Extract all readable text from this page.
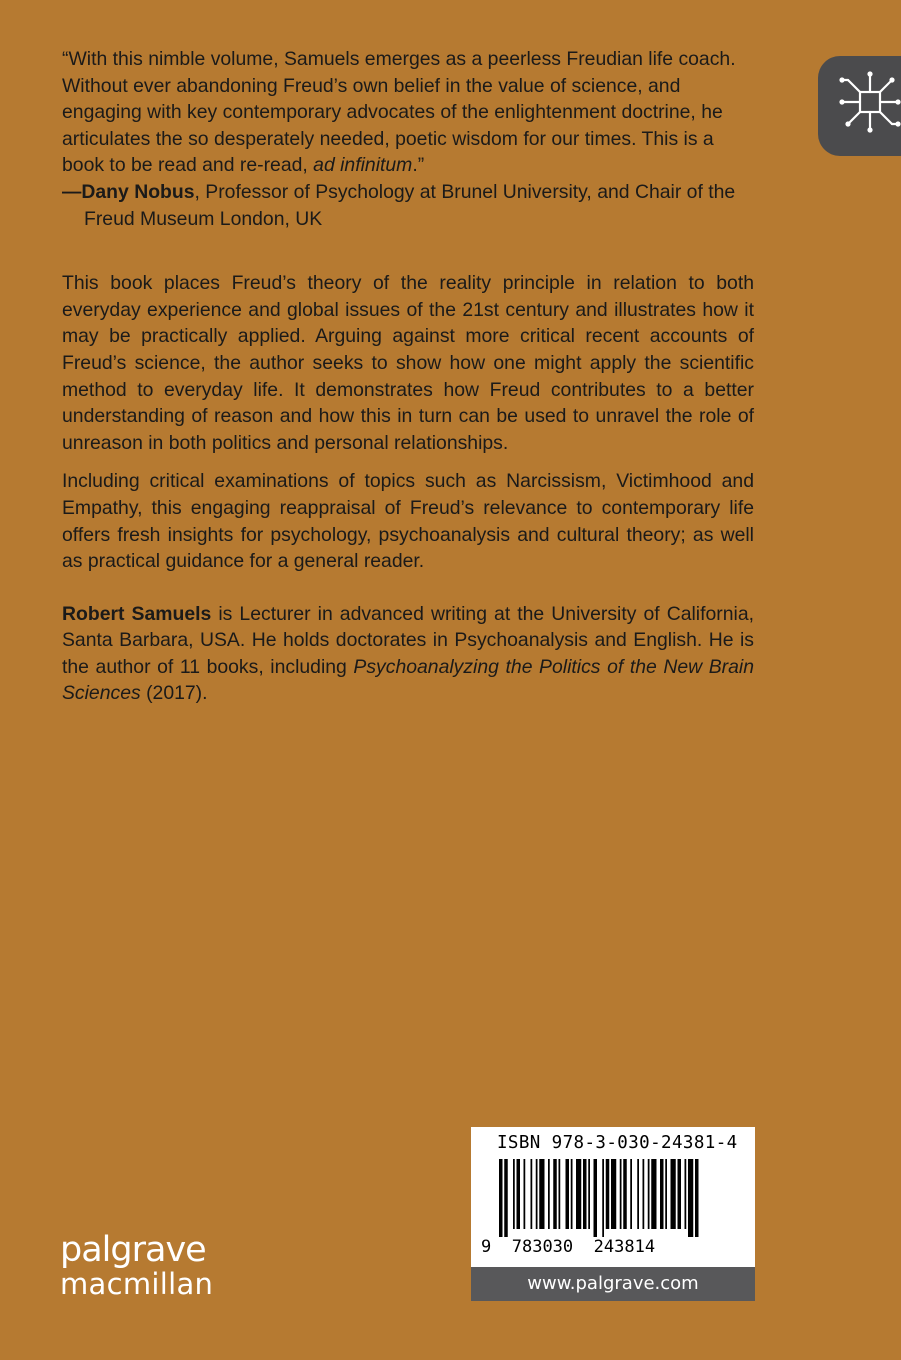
“With this nimble volume, Samuels emerges as a peerless Freudian life coach. Without ever abandoning Freud’s own belief in the value of science, and engaging with key contemporary advocates of the enlightenment doctrine, he articulates the so desperately needed, poetic wisdom for our times. This is a book to be read and re-read, ad infinitum.”

—Dany Nobus, Professor of Psychology at Brunel University, and Chair of the Freud Museum London, UK

This book places Freud’s theory of the reality principle in relation to both everyday experience and global issues of the 21st century and illustrates how it may be practically applied. Arguing against more critical recent accounts of Freud’s science, the author seeks to show how one might apply the scientific method to everyday life. It demonstrates how Freud contributes to a better understanding of reason and how this in turn can be used to unravel the role of unreason in both politics and personal relationships.

Including critical examinations of topics such as Narcissism, Victimhood and Empathy, this engaging reappraisal of Freud’s relevance to contemporary life offers fresh insights for psychology, psychoanalysis and cultural theory; as well as practical guidance for a general reader.

Robert Samuels is Lecturer in advanced writing at the University of California, Santa Barbara, USA. He holds doctorates in Psychoanalysis and English. He is the author of 11 books, including Psychoanalyzing the Politics of the New Brain Sciences (2017).

palgrave
macmillan
ISBN 978-3-030-24381-4
9 783030 243814
www.palgrave.com
